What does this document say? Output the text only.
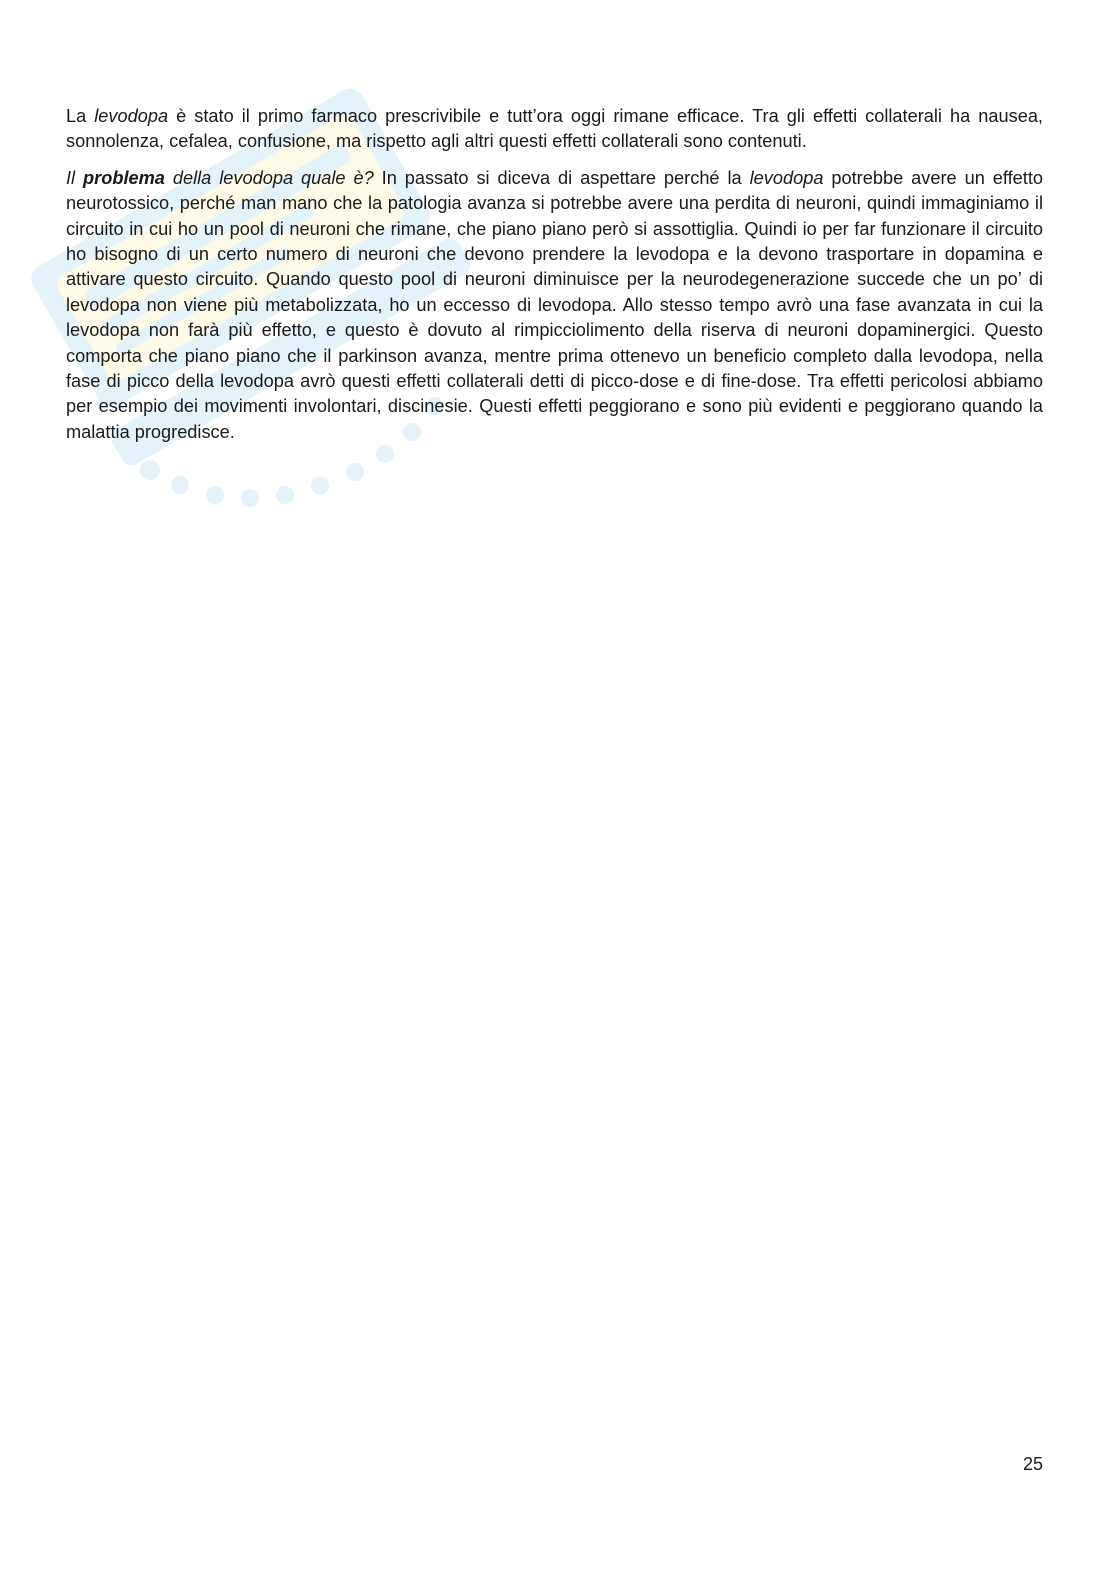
La levodopa è stato il primo farmaco prescrivibile e tutt’ora oggi rimane efficace. Tra gli effetti collaterali ha nausea, sonnolenza, cefalea, confusione, ma rispetto agli altri questi effetti collaterali sono contenuti.

Il problema della levodopa quale è? In passato si diceva di aspettare perché la levodopa potrebbe avere un effetto neurotossico, perché man mano che la patologia avanza si potrebbe avere una perdita di neuroni, quindi immaginiamo il circuito in cui ho un pool di neuroni che rimane, che piano piano però si assottiglia. Quindi io per far funzionare il circuito ho bisogno di un certo numero di neuroni che devono prendere la levodopa e la devono trasportare in dopamina e attivare questo circuito. Quando questo pool di neuroni diminuisce per la neurodegenerazione succede che un po’ di levodopa non viene più metabolizzata, ho un eccesso di levodopa. Allo stesso tempo avrò una fase avanzata in cui la levodopa non farà più effetto, e questo è dovuto al rimpicciolimento della riserva di neuroni dopaminergici. Questo comporta che piano piano che il parkinson avanza, mentre prima ottenevo un beneficio completo dalla levodopa, nella fase di picco della levodopa avrò questi effetti collaterali detti di picco-dose e di fine-dose. Tra effetti pericolosi abbiamo per esempio dei movimenti involontari, discinesie. Questi effetti peggiorano e sono più evidenti e peggiorano quando la malattia progredisce.

25
